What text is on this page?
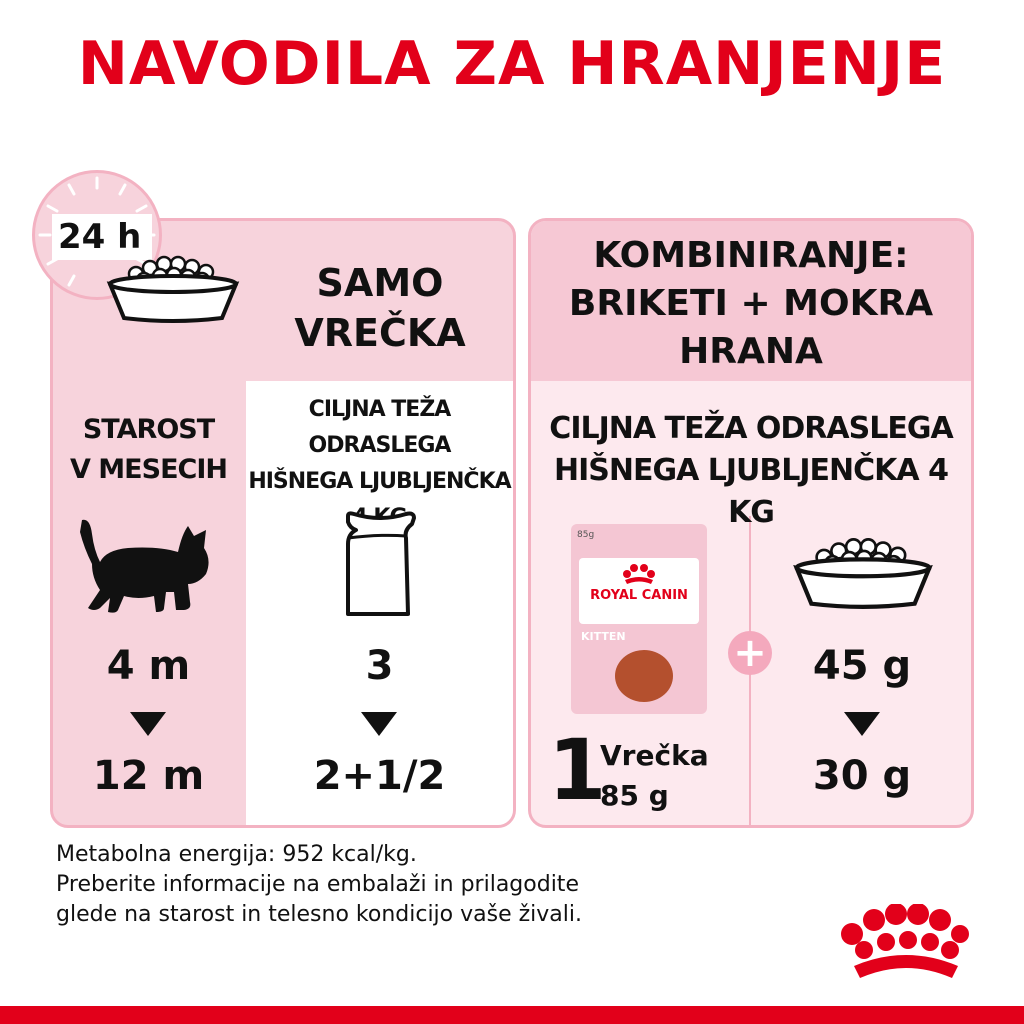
NAVODILA ZA HRANJENJE
24 h
SAMO
VREČKA
STAROST
V MESECIH
CILJNA TEŽA ODRASLEGA
HIŠNEGA LJUBLJENČKA
4 m
12 m
3
2+1/2
KOMBINIRANJE:
BRIKETI + MOKRA
HRANA
CILJNA TEŽA ODRASLEGA
HIŠNEGA LJUBLJENČKA 4 KG
85g
ROYAL CANIN
KITTEN	+
1
Vrečka
85 g
45 g
30 g
Metabolna energija: 952 kcal/kg.
Preberite informacije na embalaži in prilagodite
glede na starost in telesno kondicijo vaše živali.
